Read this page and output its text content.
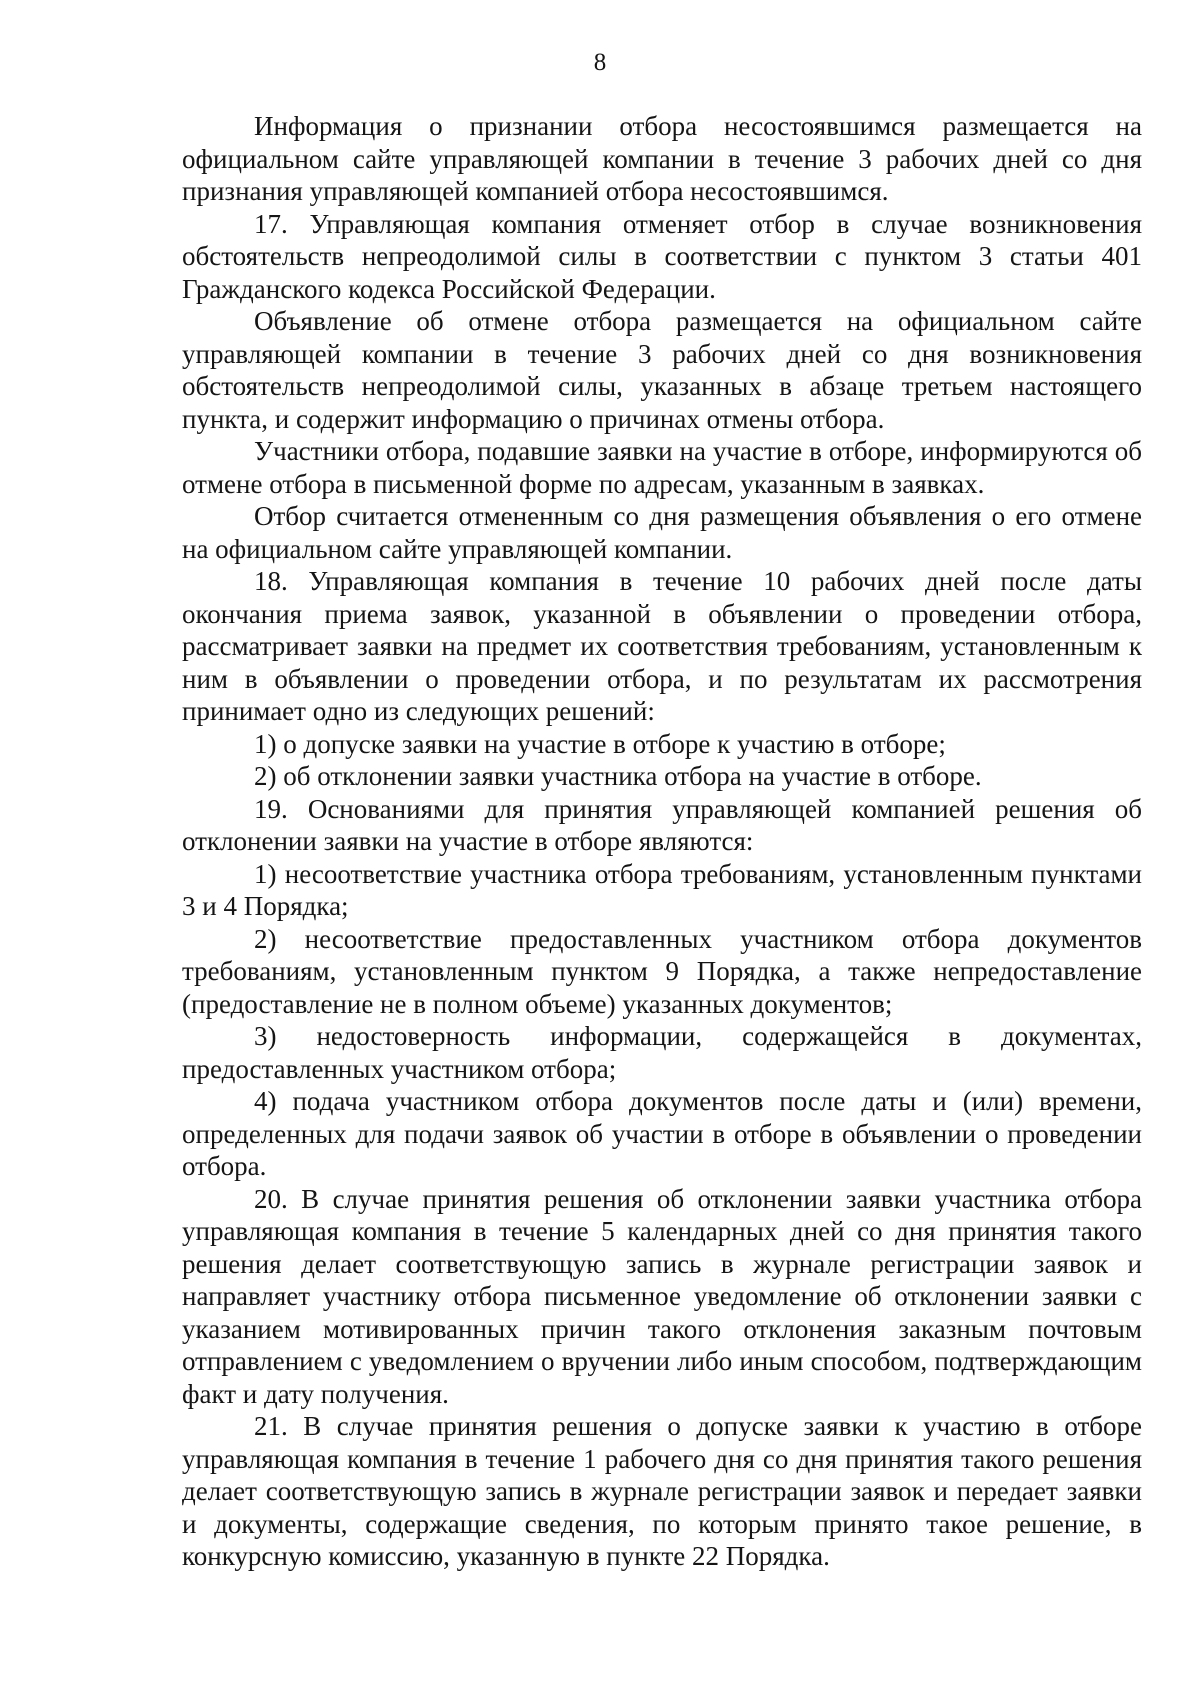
8

Информация о признании отбора несостоявшимся размещается на официальном сайте управляющей компании в течение 3 рабочих дней со дня признания управляющей компанией отбора несостоявшимся.

17. Управляющая компания отменяет отбор в случае возникновения обстоятельств непреодолимой силы в соответствии с пунктом 3 статьи 401 Гражданского кодекса Российской Федерации.

Объявление об отмене отбора размещается на официальном сайте управляющей компании в течение 3 рабочих дней со дня возникновения обстоятельств непреодолимой силы, указанных в абзаце третьем настоящего пункта, и содержит информацию о причинах отмены отбора.

Участники отбора, подавшие заявки на участие в отборе, информируются об отмене отбора в письменной форме по адресам, указанным в заявках.

Отбор считается отмененным со дня размещения объявления о его отмене на официальном сайте управляющей компании.

18. Управляющая компания в течение 10 рабочих дней после даты окончания приема заявок, указанной в объявлении о проведении отбора, рассматривает заявки на предмет их соответствия требованиям, установленным к ним в объявлении о проведении отбора, и по результатам их рассмотрения принимает одно из следующих решений:

1) о допуске заявки на участие в отборе к участию в отборе;

2) об отклонении заявки участника отбора на участие в отборе.

19. Основаниями для принятия управляющей компанией решения об отклонении заявки на участие в отборе являются:

1) несоответствие участника отбора требованиям, установленным пунктами 3 и 4 Порядка;

2) несоответствие предоставленных участником отбора документов требованиям, установленным пунктом 9 Порядка, а также непредоставление (предоставление не в полном объеме) указанных документов;

3) недостоверность информации, содержащейся в документах, предоставленных участником отбора;

4) подача участником отбора документов после даты и (или) времени, определенных для подачи заявок об участии в отборе в объявлении о проведении отбора.

20. В случае принятия решения об отклонении заявки участника отбора управляющая компания в течение 5 календарных дней со дня принятия такого решения делает соответствующую запись в журнале регистрации заявок и направляет участнику отбора письменное уведомление об отклонении заявки с указанием мотивированных причин такого отклонения заказным почтовым отправлением с уведомлением о вручении либо иным способом, подтверждающим факт и дату получения.

21. В случае принятия решения о допуске заявки к участию в отборе управляющая компания в течение 1 рабочего дня со дня принятия такого решения делает соответствующую запись в журнале регистрации заявок и передает заявки и документы, содержащие сведения, по которым принято такое решение, в конкурсную комиссию, указанную в пункте 22 Порядка.
